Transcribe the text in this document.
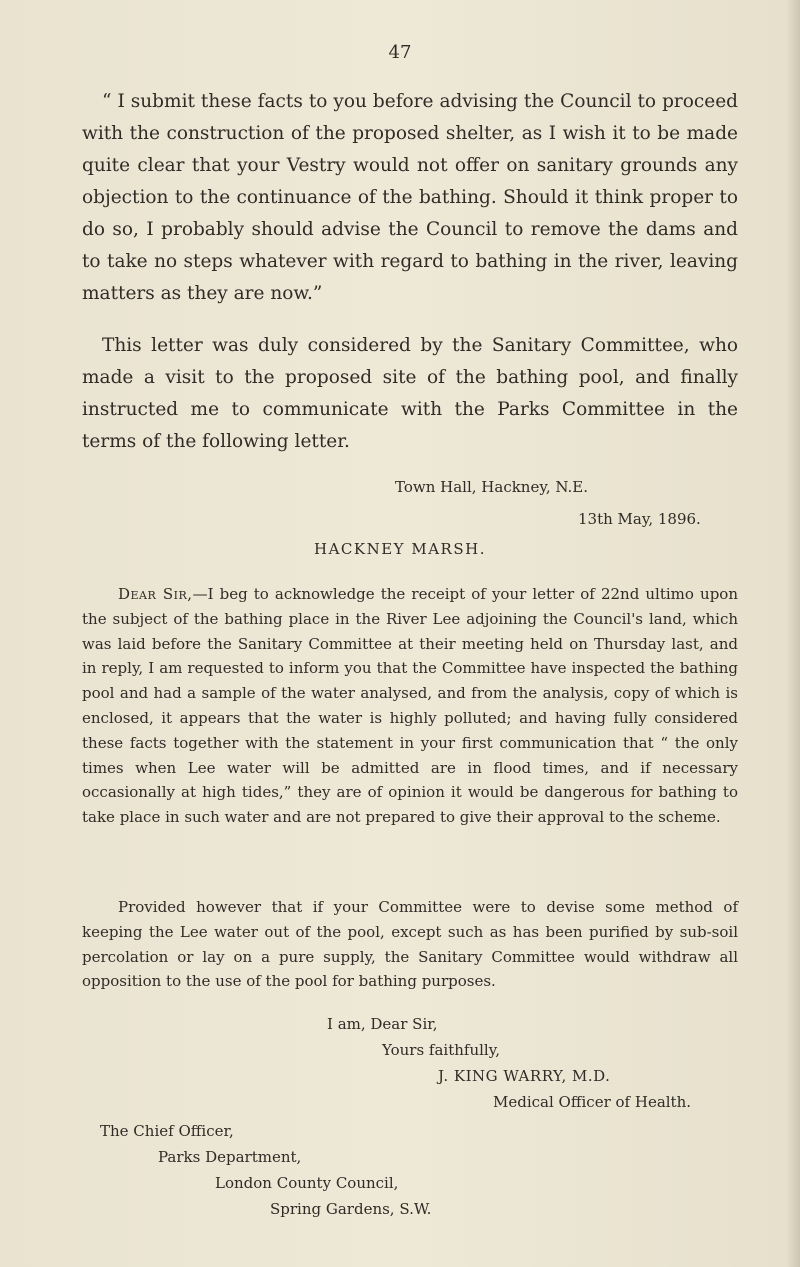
47

“ I submit these facts to you before advising the Council to proceed with the construction of the proposed shelter, as I wish it to be made quite clear that your Vestry would not offer on sanitary grounds any objection to the continuance of the bathing. Should it think proper to do so, I probably should advise the Council to remove the dams and to take no steps whatever with regard to bathing in the river, leaving matters as they are now.”

This letter was duly considered by the Sanitary Committee, who made a visit to the proposed site of the bathing pool, and finally instructed me to communicate with the Parks Committee in the terms of the following letter.

Town Hall, Hackney, N.E.
13th May, 1896.
HACKNEY MARSH.

Dear Sir,—I beg to acknowledge the receipt of your letter of 22nd ultimo upon the subject of the bathing place in the River Lee adjoining the Council's land, which was laid before the Sanitary Committee at their meeting held on Thursday last, and in reply, I am requested to inform you that the Committee have inspected the bathing pool and had a sample of the water analysed, and from the analysis, copy of which is enclosed, it appears that the water is highly polluted; and having fully considered these facts together with the statement in your first communication that “ the only times when Lee water will be admitted are in flood times, and if necessary occasionally at high tides,” they are of opinion it would be dangerous for bathing to take place in such water and are not prepared to give their approval to the scheme.

Provided however that if your Committee were to devise some method of keeping the Lee water out of the pool, except such as has been purified by sub-soil percolation or lay on a pure supply, the Sanitary Committee would withdraw all opposition to the use of the pool for bathing purposes.

I am, Dear Sir,
Yours faithfully,
J. KING WARRY, M.D.
Medical Officer of Health.
The Chief Officer,
Parks Department,
London County Council,
Spring Gardens, S.W.
